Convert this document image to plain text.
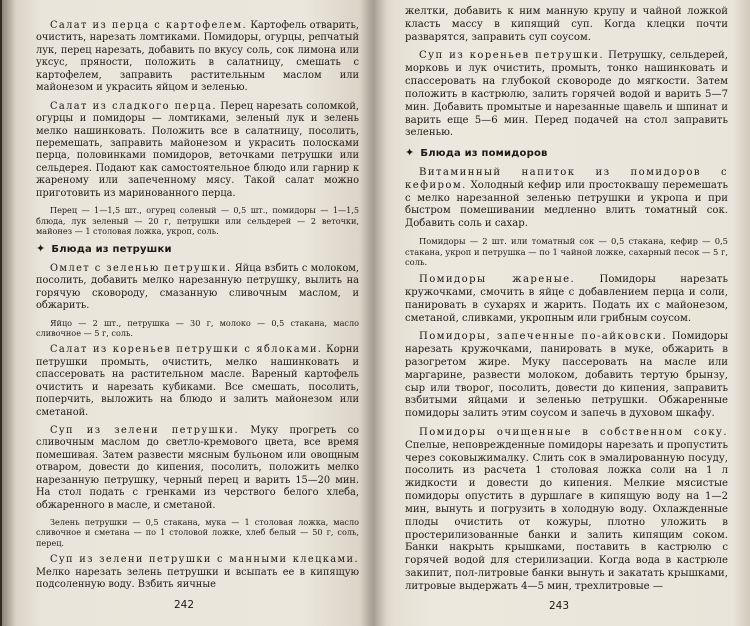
Салат из перца с картофелем. Картофель отварить, очистить, нарезать ломтиками. Помидоры, огурцы, репчатый лук, перец нарезать, добавить по вкусу соль, сок лимона или уксус, пряности, положить в салатницу, смешать с картофелем, заправить растительным маслом или майонезом и украсить яйцом и зеленью.

Салат из сладкого перца. Перец нарезать соломкой, огурцы и помидоры — ломтиками, зеленый лук и зелень мелко нашинковать. Положить все в салатницу, посолить, перемешать, заправить майонезом и украсить полосками перца, половинками помидоров, веточками петрушки или сельдерея. Подают как самостоятельное блюдо или гарнир к жареному или запеченному мясу. Такой салат можно приготовить из маринованного перца.

Перец — 1—1,5 шт., огурец соленый — 0,5 шт., помидоры — 1—1,5 блюда, лук зеленый — 20 г, петрушки или сельдерей — 2 веточки, майонез — 1 столовая ложка, укроп, соль.

✦ Блюда из петрушки

Омлет с зеленью петрушки. Яйца взбить с молоком, посолить, добавить мелко нарезанную петрушку, вылить на горячую сковороду, смазанную сливочным маслом, и обжарить.

Яйцо — 2 шт., петрушка — 30 г, молоко — 0,5 стакана, масло сливочное — 5 г, соль.

Салат из кореньев петрушки с яблоками. Корни петрушки промыть, очистить, мелко нашинковать и спассеровать на растительном масле. Вареный картофель очистить и нарезать кубиками. Все смешать, посолить, поперчить, выложить на блюдо и залить майонезом или сметаной.

Суп из зелени петрушки. Муку прогреть со сливочным маслом до светло-кремового цвета, все время помешивая. Затем развести мясным бульоном или овощным отваром, довести до кипения, посолить, положить мелко нарезанную петрушку, черный перец и варить 15—20 мин. На стол подать с гренками из черствого белого хлеба, обжаренного в масле, и сметаной.

Зелень петрушки — 0,5 стакана, мука — 1 столовая ложка, масло сливочное и сметана — по 1 столовой ложке, хлеб белый — 50 г, соль, перец.

Суп из зелени петрушки с манными клецками. Мелко нарезать зелень петрушки и всыпать ее в кипящую подсоленную воду. Взбить яичные

242

желтки, добавить к ним манную крупу и чайной ложкой класть массу в кипящий суп. Когда клецки почти разварятся, заправить суп соусом.

Суп из кореньев петрушки. Петрушку, сельдерей, морковь и лук очистить, промыть, тонко нашинковать и спассеровать на глубокой сковороде до мягкости. Затем положить в кастрюлю, залить горячей водой и варить 5—7 мин. Добавить промытые и нарезанные щавель и шпинат и варить еще 5—6 мин. Перед подачей на стол заправить зеленью.

✦ Блюда из помидоров

Витаминный напиток из помидоров с кефиром. Холодный кефир или простоквашу перемешать с мелко нарезанной зеленью петрушки и укропа и при быстром помешивании медленно влить томатный сок. Добавить соль и сахар.

Помидоры — 2 шт. или томатный сок — 0,5 стакана, кефир — 0,5 стакана, укроп и петрушка — по 1 чайной ложке, сахарный песок — 5 г, соль.

Помидоры жареные. Помидоры нарезать кружочками, смочить в яйце с добавлением перца и соли, панировать в сухарях и жарить. Подать их с майонезом, сметаной, сливками, укропным или грибным соусом.

Помидоры, запеченные по-айковски. Помидоры нарезать кружочками, панировать в муке, обжарить в разогретом жире. Муку пассеровать на масле или маргарине, развести молоком, добавить тертую брынзу, сыр или творог, посолить, довести до кипения, заправить взбитыми яйцами и зеленью петрушки. Обжаренные помидоры залить этим соусом и запечь в духовом шкафу.

Помидоры очищенные в собственном соку. Спелые, неповрежденные помидоры нарезать и пропустить через соковыжималку. Слить сок в эмалированную посуду, посолить из расчета 1 столовая ложка соли на 1 л жидкости и довести до кипения. Мелкие мясистые помидоры опустить в дуршлаге в кипящую воду на 1—2 мин, вынуть и погрузить в холодную воду. Охлажденные плоды очистить от кожуры, плотно уложить в простерилизованные банки и залить кипящим соком. Банки накрыть крышками, поставить в кастрюлю с горячей водой для стерилизации. Когда вода в кастрюле закипит, пол-литровые банки вынуть и закатать крышками, литровые выдержать 4—5 мин, трехлитровые —

243
